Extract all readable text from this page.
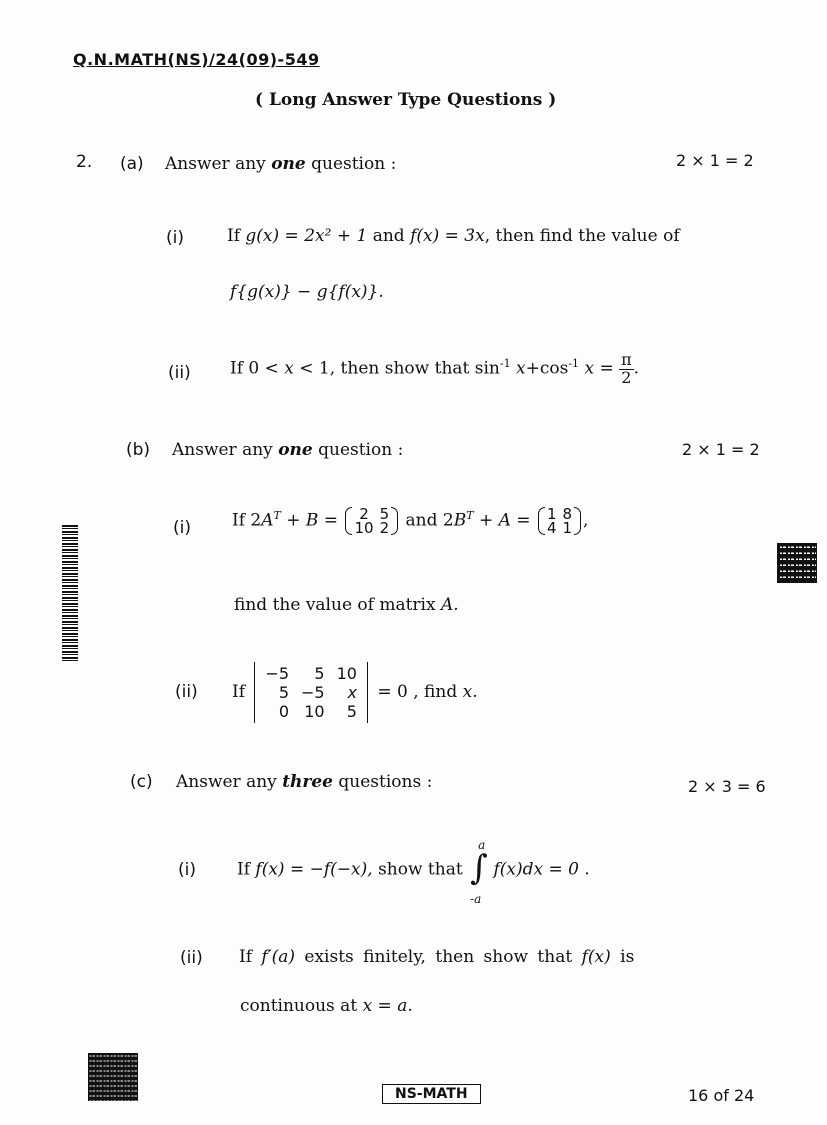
Q.N.MATH(NS)/24(09)-549
( Long Answer Type Questions )
2. (a) Answer any one question :	2 × 1 = 2
(i)	If g(x) = 2x² + 1 and f(x) = 3x, then find the value of
f{g(x)} − g{f(x)}.
(ii) If 0 < x < 1, then show that $\sin^{-1} x+\cos^{-1}$ $x = \frac{\pi}{2}$ .
(b) Answer any one question :	2 × 1 = 2
(i) If $2A^T + B = 2$	5
10	2 and $2B^T + A = 1$	8
4	1 ,
find the value of matrix A.
(ii) If
−5	5	10
5	−5	x
0	10	5
= 0 , find x.
(c) Answer any three questions :	2 × 3 = 6
(i) If f(x) = −f(−x), show that
a
∫
-a
f(x)dx = 0 .
(ii) If f′(a) exists finitely, then show that f(x) is
continuous at x = a.
NS-MATH	16 of 24
